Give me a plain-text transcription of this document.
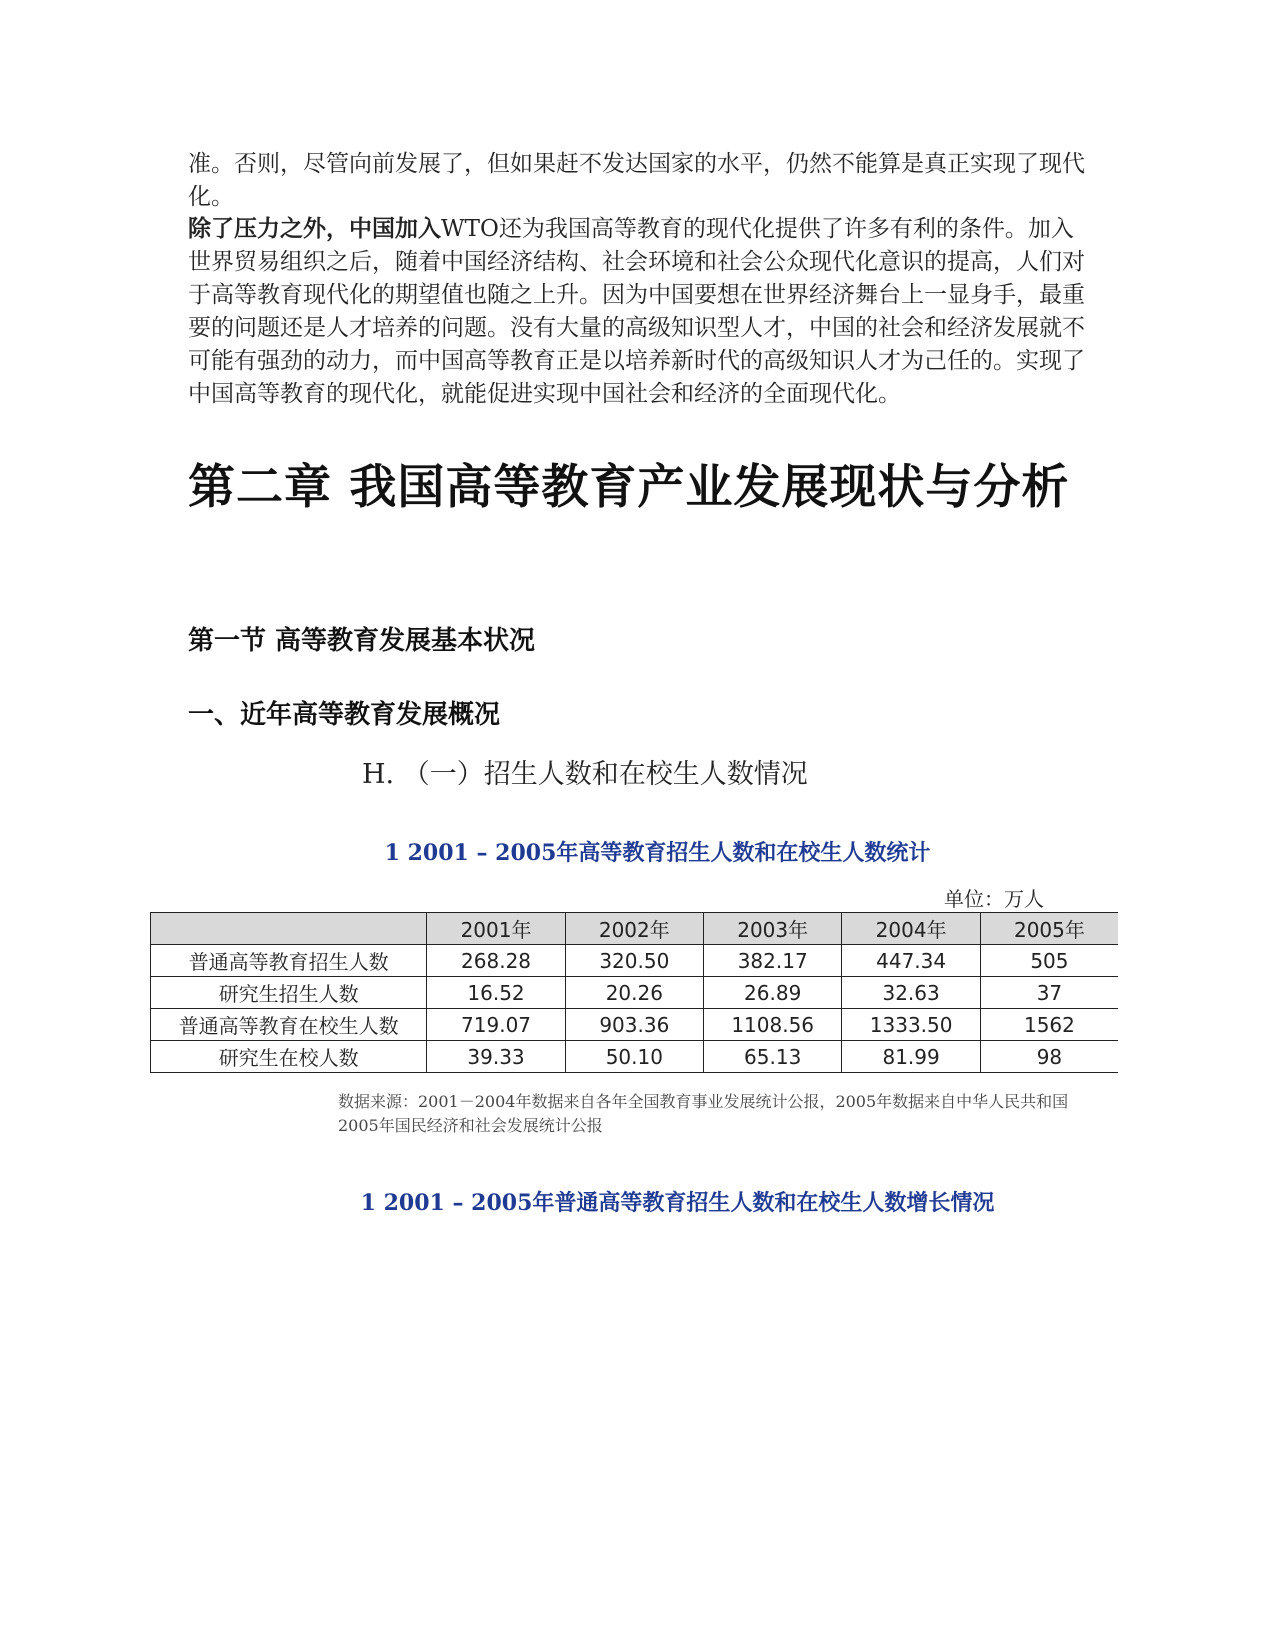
准。否则，尽管向前发展了，但如果赶不发达国家的水平，仍然不能算是真正实现了现代化。

除了压力之外，中国加入WTO还为我国高等教育的现代化提供了许多有利的条件。加入世界贸易组织之后，随着中国经济结构、社会环境和社会公众现代化意识的提高，人们对于高等教育现代化的期望值也随之上升。因为中国要想在世界经济舞台上一显身手，最重要的问题还是人才培养的问题。没有大量的高级知识型人才，中国的社会和经济发展就不可能有强劲的动力，而中国高等教育正是以培养新时代的高级知识人才为己任的。实现了中国高等教育的现代化，就能促进实现中国社会和经济的全面现代化。

第二章 我国高等教育产业发展现状与分析
第一节 高等教育发展基本状况
一、近年高等教育发展概况
H. （一）招生人数和在校生人数情况
1 2001 – 2005年高等教育招生人数和在校生人数统计
单位：万人
	2001年	2002年	2003年	2004年	2005年
普通高等教育招生人数	268.28	320.50	382.17	447.34	505
研究生招生人数	16.52	20.26	26.89	32.63	37
普通高等教育在校生人数	719.07	903.36	1108.56	1333.50	1562
研究生在校人数	39.33	50.10	65.13	81.99	98
数据来源：2001－2004年数据来自各年全国教育事业发展统计公报，2005年数据来自中华人民共和国2005年国民经济和社会发展统计公报
1 2001 – 2005年普通高等教育招生人数和在校生人数增长情况
